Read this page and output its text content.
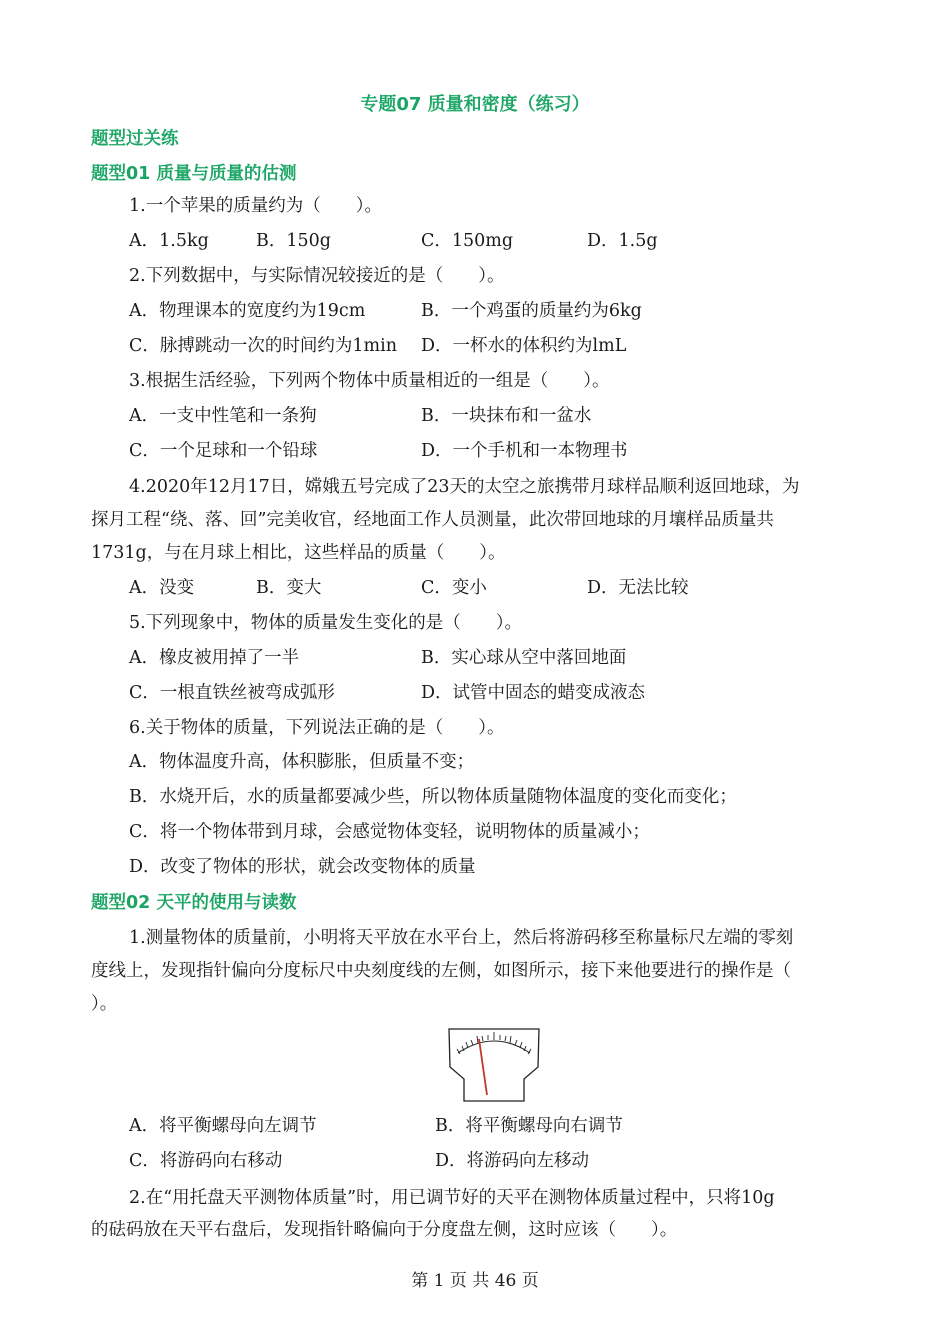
专题07 质量和密度（练习）
题型过关练
题型01 质量与质量的估测
1.一个苹果的质量约为（　　）。
A．1.5kg	B．150g	C．150mg	D．1.5g
2.下列数据中，与实际情况较接近的是（　　）。
A．物理课本的宽度约为19cm	B．一个鸡蛋的质量约为6kg
C．脉搏跳动一次的时间约为1min D．一杯水的体积约为lmL
3.根据生活经验，下列两个物体中质量相近的一组是（　　）。
A．一支中性笔和一条狗	B．一块抹布和一盆水
C．一个足球和一个铅球	D．一个手机和一本物理书
4.2020年12月17日，嫦娥五号完成了23天的太空之旅携带月球样品顺利返回地球，为
探月工程“绕、落、回”完美收官，经地面工作人员测量，此次带回地球的月壤样品质量共
1731g，与在月球上相比，这些样品的质量（　　）。
A．没变	B．变大	C．变小	D．无法比较
5.下列现象中，物体的质量发生变化的是（　　）。
A．橡皮被用掉了一半	B．实心球从空中落回地面
C．一根直铁丝被弯成弧形	D．试管中固态的蜡变成液态
6.关于物体的质量，下列说法正确的是（　　）。
A．物体温度升高，体积膨胀，但质量不变；
B．水烧开后，水的质量都要减少些，所以物体质量随物体温度的变化而变化；
C．将一个物体带到月球，会感觉物体变轻，说明物体的质量减小；
D．改变了物体的形状，就会改变物体的质量
题型02 天平的使用与读数
1.测量物体的质量前，小明将天平放在水平台上，然后将游码移至称量标尺左端的零刻
度线上，发现指针偏向分度标尺中央刻度线的左侧，如图所示，接下来他要进行的操作是（
）。
A．将平衡螺母向左调节	B．将平衡螺母向右调节
C．将游码向右移动	D．将游码向左移动
2.在“用托盘天平测物体质量”时，用已调节好的天平在测物体质量过程中，只将10g
的砝码放在天平右盘后，发现指针略偏向于分度盘左侧，这时应该（　　）。
第 1 页 共 46 页
